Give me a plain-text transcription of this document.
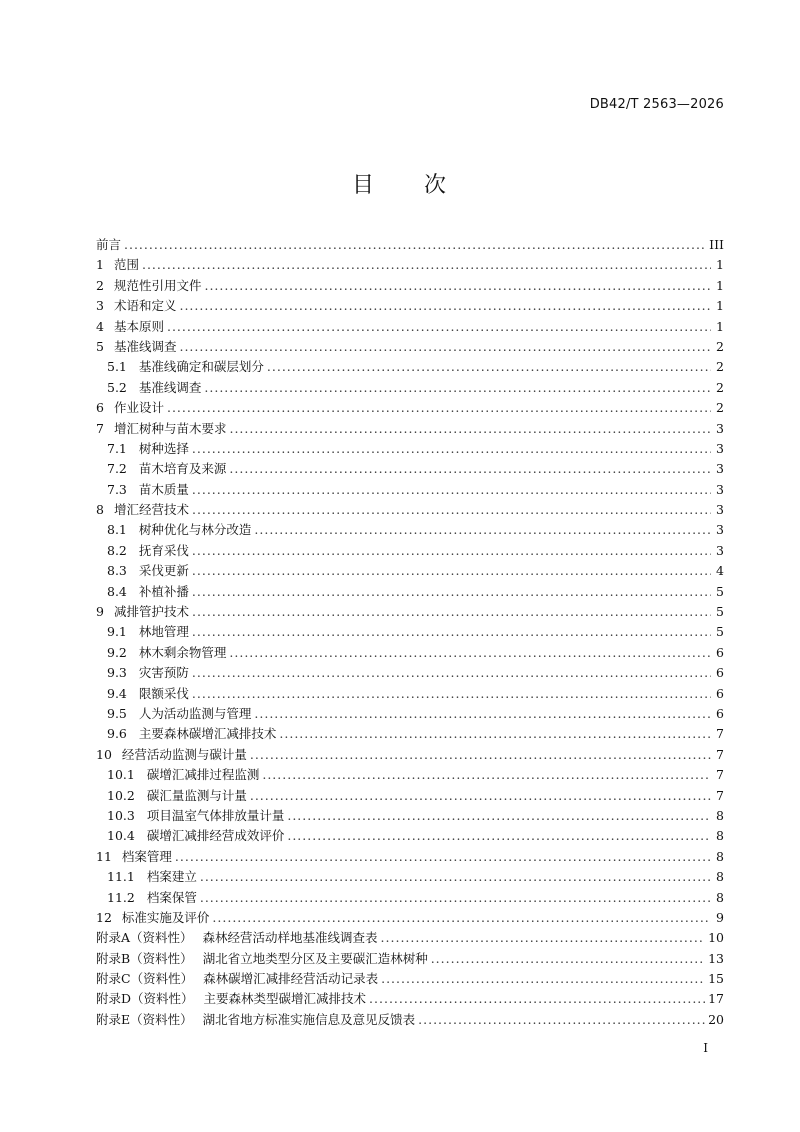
DB42/T 2563—2026
目 次
前言 .....	III
1 范围 .....	1
2 规范性引用文件 .....	1
3 术语和定义 .....	1
4 基本原则 .....	1
5 基准线调查 .....	2
5.1 基准线确定和碳层划分 .....	2
5.2 基准线调查 .....	2
6 作业设计 .....	2
7 增汇树种与苗木要求 .....	3
7.1 树种选择 .....	3
7.2 苗木培育及来源 .....	3
7.3 苗木质量 .....	3
8 增汇经营技术 .....	3
8.1 树种优化与林分改造 .....	3
8.2 抚育采伐 .....	3
8.3 采伐更新 .....	4
8.4 补植补播 .....	5
9 减排管护技术 .....	5
9.1 林地管理 .....	5
9.2 林木剩余物管理 .....	6
9.3 灾害预防 .....	6
9.4 限额采伐 .....	6
9.5 人为活动监测与管理 .....	6
9.6 主要森林碳增汇减排技术 .....	7
10 经营活动监测与碳计量 .....	7
10.1 碳增汇减排过程监测 .....	7
10.2 碳汇量监测与计量 .....	7
10.3 项目温室气体排放量计量 .....	8
10.4 碳增汇减排经营成效评价 .....	8
11 档案管理 .....	8
11.1 档案建立 .....	8
11.2 档案保管 .....	8
12 标准实施及评价 .....	9
附录A（资料性） 森林经营活动样地基准线调查表 .....	10
附录B（资料性） 湖北省立地类型分区及主要碳汇造林树种 .....	13
附录C（资料性） 森林碳增汇减排经营活动记录表 .....	15
附录D（资料性） 主要森林类型碳增汇减排技术 .....	17
附录E（资料性） 湖北省地方标准实施信息及意见反馈表 .....	20
I
